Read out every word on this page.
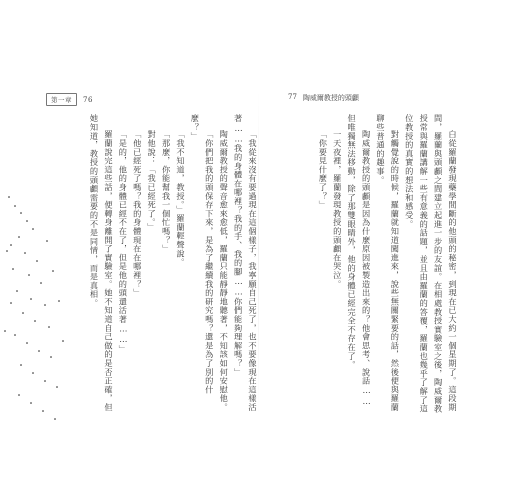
第一章	76	77 陶威爾教授的頭顱

白從羅蘭發現藥學間斷的他頭的秘密，到現在已大約一個星期了。這段期間，羅蘭與頭顱之間建立起進一步的友誼。在相處教授實驗室之後，陶威爾教授常與羅蘭講解一些有意義的話題，並且由羅蘭的答覆，羅蘭也幾乎了解了這位教授的真實的想法和感受。

對觸覺說的時候，羅蘭就知道闖進來，說些無關緊要的話，然後便與羅蘭聊些普通的趣事。

陶威爾教授的頭顱是因為什麼原因被製造出來的？他會思考、說話……但唯獨無法移動，除了那雙眼睛外，他的身體已經完全不存在了。

一天夜裡，羅蘭發現教授的頭顱在哭泣。

「你要見什麼了？」

「我從來沒有要過現在這個樣子，我寧願自己死了，也不要像現在這樣活著……我的身體在哪裡？我的手、我的腳……你們能夠理解嗎？」

陶威爾教授的聲音愈來愈低，羅蘭只能靜靜地聽著，不知該如何安慰他。

「你們把我的頭保存下來，是為了繼續我的研究嗎？還是為了別的什麼？」

「我不知道，教授。」羅蘭輕聲說。

「那麼，你能幫我一個忙嗎？」

對他說：「我已經死了。」

「他已經死了嗎？我的身體現在在哪裡？」

「是的，他的身體已經不在了，但是他的頭還活著……」

羅蘭說完這些話，便轉身離開了實驗室。她不知道自己做的是否正確，但她知道，教授的頭顱需要的不是同情，而是真相。
